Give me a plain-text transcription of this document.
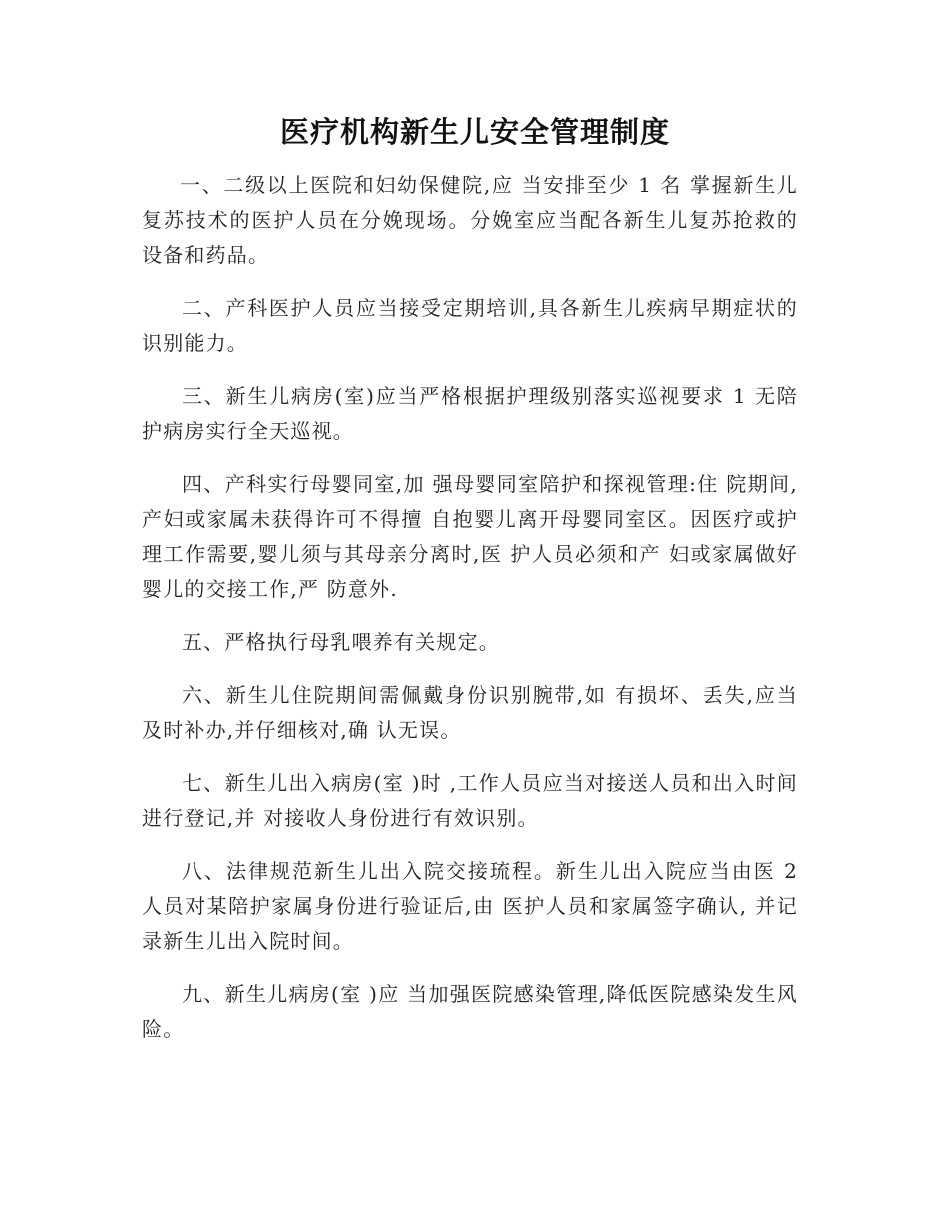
医疗机构新生儿安全管理制度

一、二级以上医院和妇幼保健院,应 当安排至少 1 名 掌握新生儿复苏技术的医护人员在分娩现场。分娩室应当配各新生儿复苏抢救的设备和药品。

二、产科医护人员应当接受定期培训,具各新生儿疾病早期症状的识别能力。

三、新生儿病房(室)应当严格根据护理级别落实巡视要求 1 无陪护病房实行全天巡视。

四、产科实行母婴同室,加 强母婴同室陪护和探视管理:住 院期间,产妇或家属未获得许可不得擅 自抱婴儿离开母婴同室区。因医疗或护理工作需要,婴儿须与其母亲分离时,医 护人员必须和产 妇或家属做好婴儿的交接工作,严 防意外.

五、严格执行母乳喂养有关规定。

六、新生儿住院期间需佩戴身份识别腕带,如 有损坏、丢失,应当及时补办,并仔细核对,确 认无误。

七、新生儿出入病房(室 )时 ,工作人员应当对接送人员和出入时间进行登记,并 对接收人身份进行有效识别。

八、法律规范新生儿出入院交接琉程。新生儿出入院应当由医 2 人员对某陪护家属身份进行验证后,由 医护人员和家属签字确认, 并记录新生儿出入院时间。

九、新生儿病房(室 )应 当加强医院感染管理,降低医院感染发生风险。
